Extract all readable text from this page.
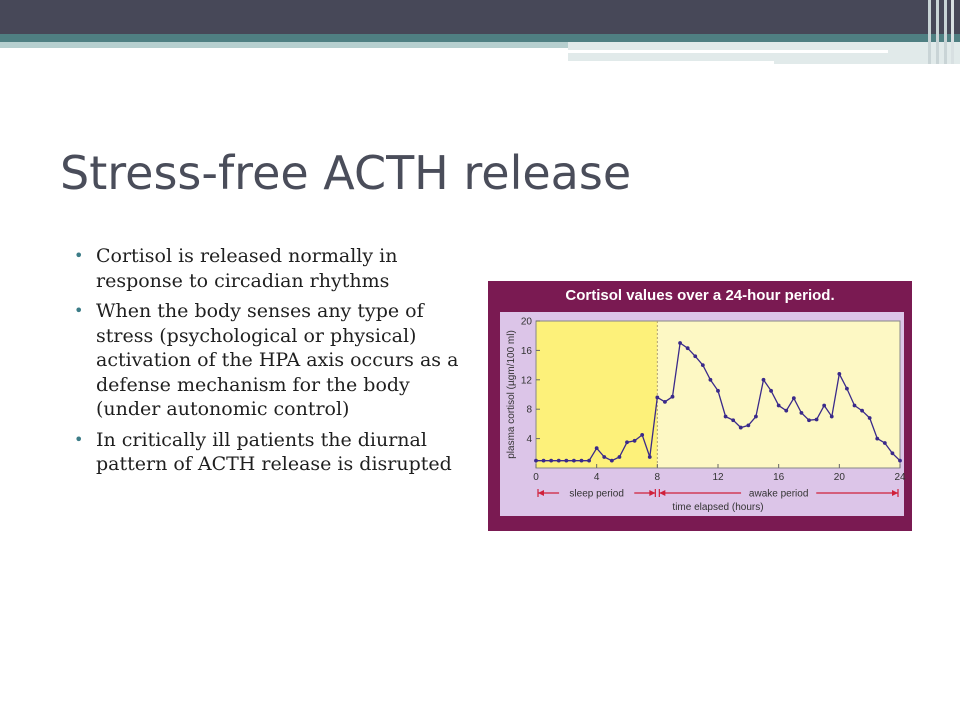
Stress-free ACTH release
• Cortisol is released normally in response to circadian rhythms
• When the body senses any type of stress (psychological or physical) activation of the HPA axis occurs as a defense mechanism for the body (under autonomic control)
• In critically ill patients the diurnal pattern of ACTH release is disrupted
Cortisol values over a 24-hour period.
4
8
12
16
20
0	4	8	12	16	20	24
plasma cortisol (µgm/100 ml)
sleep period	awake period
time elapsed (hours)
